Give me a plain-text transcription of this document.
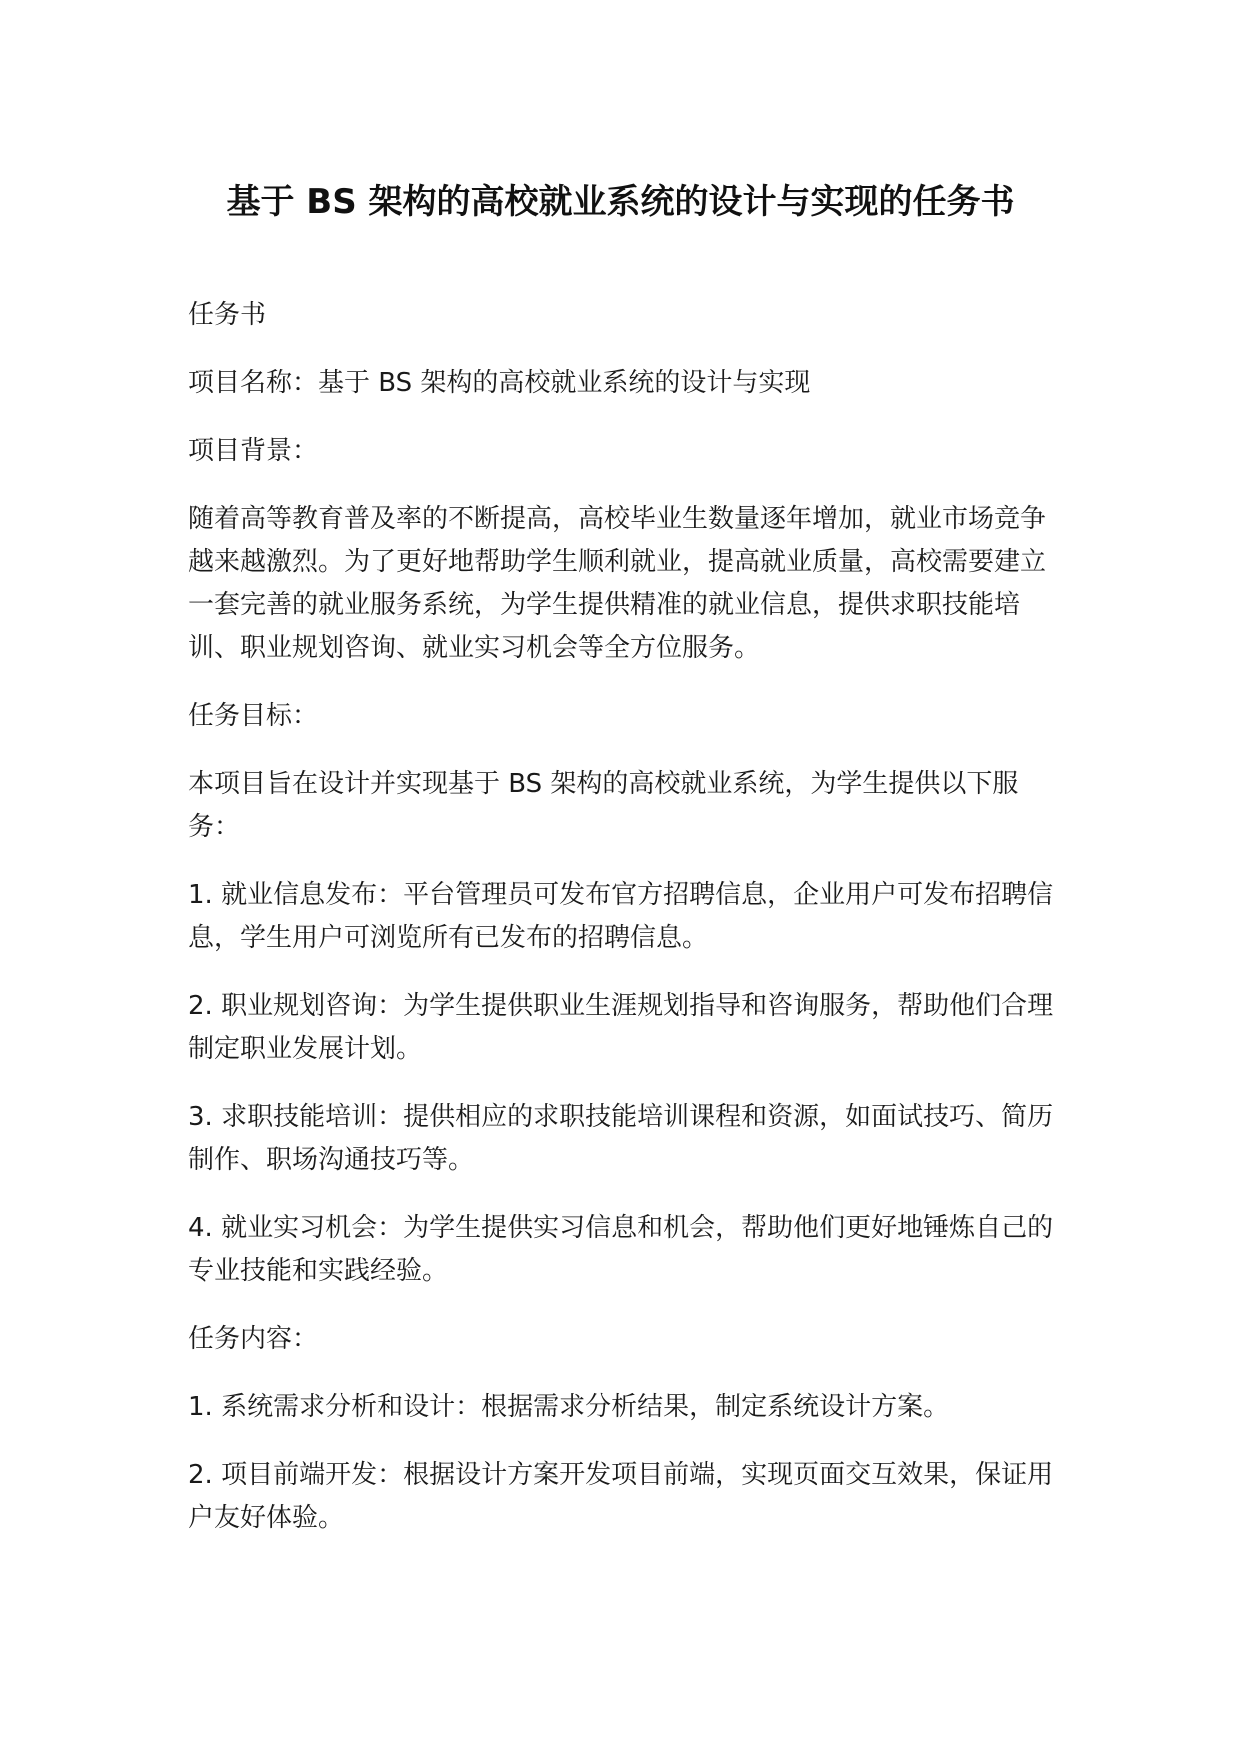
基于 BS 架构的高校就业系统的设计与实现的任务书

任务书

项目名称：基于 BS 架构的高校就业系统的设计与实现

项目背景：

随着高等教育普及率的不断提高，高校毕业生数量逐年增加，就业市场竞争越来越激烈。为了更好地帮助学生顺利就业，提高就业质量，高校需要建立一套完善的就业服务系统，为学生提供精准的就业信息，提供求职技能培训、职业规划咨询、就业实习机会等全方位服务。

任务目标：

本项目旨在设计并实现基于 BS 架构的高校就业系统，为学生提供以下服务：

1. 就业信息发布：平台管理员可发布官方招聘信息，企业用户可发布招聘信息，学生用户可浏览所有已发布的招聘信息。

2. 职业规划咨询：为学生提供职业生涯规划指导和咨询服务，帮助他们合理制定职业发展计划。

3. 求职技能培训：提供相应的求职技能培训课程和资源，如面试技巧、简历制作、职场沟通技巧等。

4. 就业实习机会：为学生提供实习信息和机会，帮助他们更好地锤炼自己的专业技能和实践经验。

任务内容：

1. 系统需求分析和设计：根据需求分析结果，制定系统设计方案。

2. 项目前端开发：根据设计方案开发项目前端，实现页面交互效果，保证用户友好体验。
